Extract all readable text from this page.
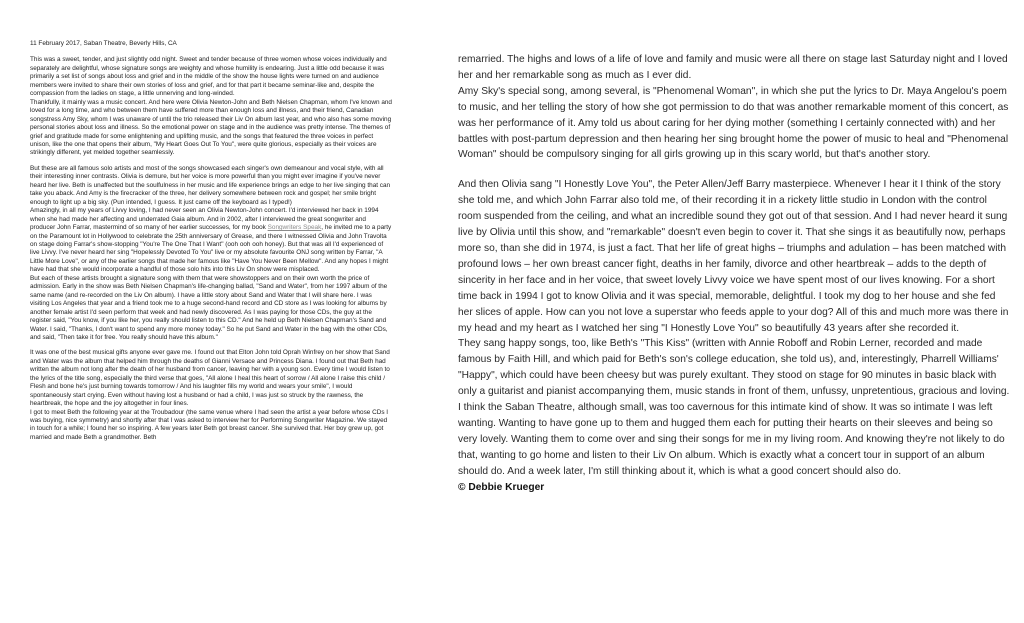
11 February 2017, Saban Theatre, Beverly Hills, CA

This was a sweet, tender, and just slightly odd night. Sweet and tender because of three women whose voices individually and separately are delightful, whose signature songs are weighty and whose humility is endearing. Just a little odd because it was primarily a set list of songs about loss and grief and in the middle of the show the house lights were turned on and audience members were invited to share their own stories of loss and grief, and for that part it became seminar-like and, despite the compassion from the ladies on stage, a little unnerving and long-winded.

Thankfully, it mainly was a music concert. And here were Olivia Newton-John and Beth Nielsen Chapman, whom I've known and loved for a long time, and who between them have suffered more than enough loss and illness, and their friend, Canadian songstress Amy Sky, whom I was unaware of until the trio released their Liv On album last year, and who also has some moving personal stories about loss and illness. So the emotional power on stage and in the audience was pretty intense. The themes of grief and gratitude made for some enlightening and uplifting music, and the songs that featured the three voices in perfect unison, like the one that opens their album, "My Heart Goes Out To You", were quite glorious, especially as their voices are strikingly different, yet melded together seamlessly.

But these are all famous solo artists and most of the songs showcased each singer's own demeanour and vocal style, with all their interesting inner contrasts. Olivia is demure, but her voice is more powerful than you might ever imagine if you've never heard her live. Beth is unaffected but the soulfulness in her music and life experience brings an edge to her live singing that can take you aback. And Amy is the firecracker of the three, her delivery somewhere between rock and gospel; her smile bright enough to light up a big sky. (Pun intended, I guess. It just came off the keyboard as I typed!)

Amazingly, in all my years of Livvy loving, I had never seen an Olivia Newton-John concert. I'd interviewed her back in 1994 when she had made her affecting and underrated Gaia album. And in 2002, after I interviewed the great songwriter and producer John Farrar, mastermind of so many of her earlier successes, for my book Songwriters Speak, he invited me to a party on the Paramount lot in Hollywood to celebrate the 25th anniversary of Grease, and there I witnessed Olivia and John Travolta on stage doing Farrar's show-stopping "You're The One That I Want" (ooh ooh ooh honey). But that was all I'd experienced of live Livvy. I've never heard her sing "Hopelessly Devoted To You" live or my absolute favourite ONJ song written by Farrar, "A Little More Love", or any of the earlier songs that made her famous like "Have You Never Been Mellow". And any hopes I might have had that she would incorporate a handful of those solo hits into this Liv On show were misplaced.

But each of these artists brought a signature song with them that were showstoppers and on their own worth the price of admission. Early in the show was Beth Nielsen Chapman's life-changing ballad, "Sand and Water", from her 1997 album of the same name (and re-recorded on the Liv On album). I have a little story about Sand and Water that I will share here. I was visiting Los Angeles that year and a friend took me to a huge second-hand record and CD store as I was looking for albums by another female artist I'd seen perform that week and had newly discovered. As I was paying for those CDs, the guy at the register said, "You know, if you like her, you really should listen to this CD." And he held up Beth Nielsen Chapman's Sand and Water. I said, "Thanks, I don't want to spend any more money today." So he put Sand and Water in the bag with the other CDs, and said, "Then take it for free. You really should have this album."

It was one of the best musical gifts anyone ever gave me. I found out that Elton John told Oprah Winfrey on her show that Sand and Water was the album that helped him through the deaths of Gianni Versace and Princess Diana. I found out that Beth had written the album not long after the death of her husband from cancer, leaving her with a young son. Every time I would listen to the lyrics of the title song, especially the third verse that goes, "All alone I heal this heart of sorrow / All alone I raise this child / Flesh and bone he's just burning towards tomorrow / And his laughter fills my world and wears your smile", I would spontaneously start crying. Even without having lost a husband or had a child, I was just so struck by the rawness, the heartbreak, the hope and the joy altogether in four lines.

I got to meet Beth the following year at the Troubadour (the same venue where I had seen the artist a year before whose CDs I was buying, nice symmetry) and shortly after that I was asked to interview her for Performing Songwriter Magazine. We stayed in touch for a while; I found her so inspiring. A few years later Beth got breast cancer. She survived that. Her boy grew up, got married and made Beth a grandmother. Beth

remarried. The highs and lows of a life of love and family and music were all there on stage last Saturday night and I loved her and her remarkable song as much as I ever did.

Amy Sky's special song, among several, is "Phenomenal Woman", in which she put the lyrics to Dr. Maya Angelou's poem to music, and her telling the story of how she got permission to do that was another remarkable moment of this concert, as was her performance of it. Amy told us about caring for her dying mother (something I certainly connected with) and her battles with post-partum depression and then hearing her sing brought home the power of music to heal and "Phenomenal Woman" should be compulsory singing for all girls growing up in this scary world, but that's another story.

And then Olivia sang "I Honestly Love You", the Peter Allen/Jeff Barry masterpiece. Whenever I hear it I think of the story she told me, and which John Farrar also told me, of their recording it in a rickety little studio in London with the control room suspended from the ceiling, and what an incredible sound they got out of that session. And I had never heard it sung live by Olivia until this show, and "remarkable" doesn't even begin to cover it. That she sings it as beautifully now, perhaps more so, than she did in 1974, is just a fact. That her life of great highs – triumphs and adulation – has been matched with profound lows – her own breast cancer fight, deaths in her family, divorce and other heartbreak – adds to the depth of sincerity in her face and in her voice, that sweet lovely Livvy voice we have spent most of our lives knowing. For a short time back in 1994 I got to know Olivia and it was special, memorable, delightful. I took my dog to her house and she fed her slices of apple. How can you not love a superstar who feeds apple to your dog? All of this and much more was there in my head and my heart as I watched her sing "I Honestly Love You" so beautifully 43 years after she recorded it.

They sang happy songs, too, like Beth's "This Kiss" (written with Annie Roboff and Robin Lerner, recorded and made famous by Faith Hill, and which paid for Beth's son's college education, she told us), and, interestingly, Pharrell Williams' "Happy", which could have been cheesy but was purely exultant. They stood on stage for 90 minutes in basic black with only a guitarist and pianist accompanying them, music stands in front of them, unfussy, unpretentious, gracious and loving. I think the Saban Theatre, although small, was too cavernous for this intimate kind of show. It was so intimate I was left wanting. Wanting to have gone up to them and hugged them each for putting their hearts on their sleeves and being so very lovely. Wanting them to come over and sing their songs for me in my living room. And knowing they're not likely to do that, wanting to go home and listen to their Liv On album. Which is exactly what a concert tour in support of an album should do. And a week later, I'm still thinking about it, which is what a good concert should also do.

© Debbie Krueger
